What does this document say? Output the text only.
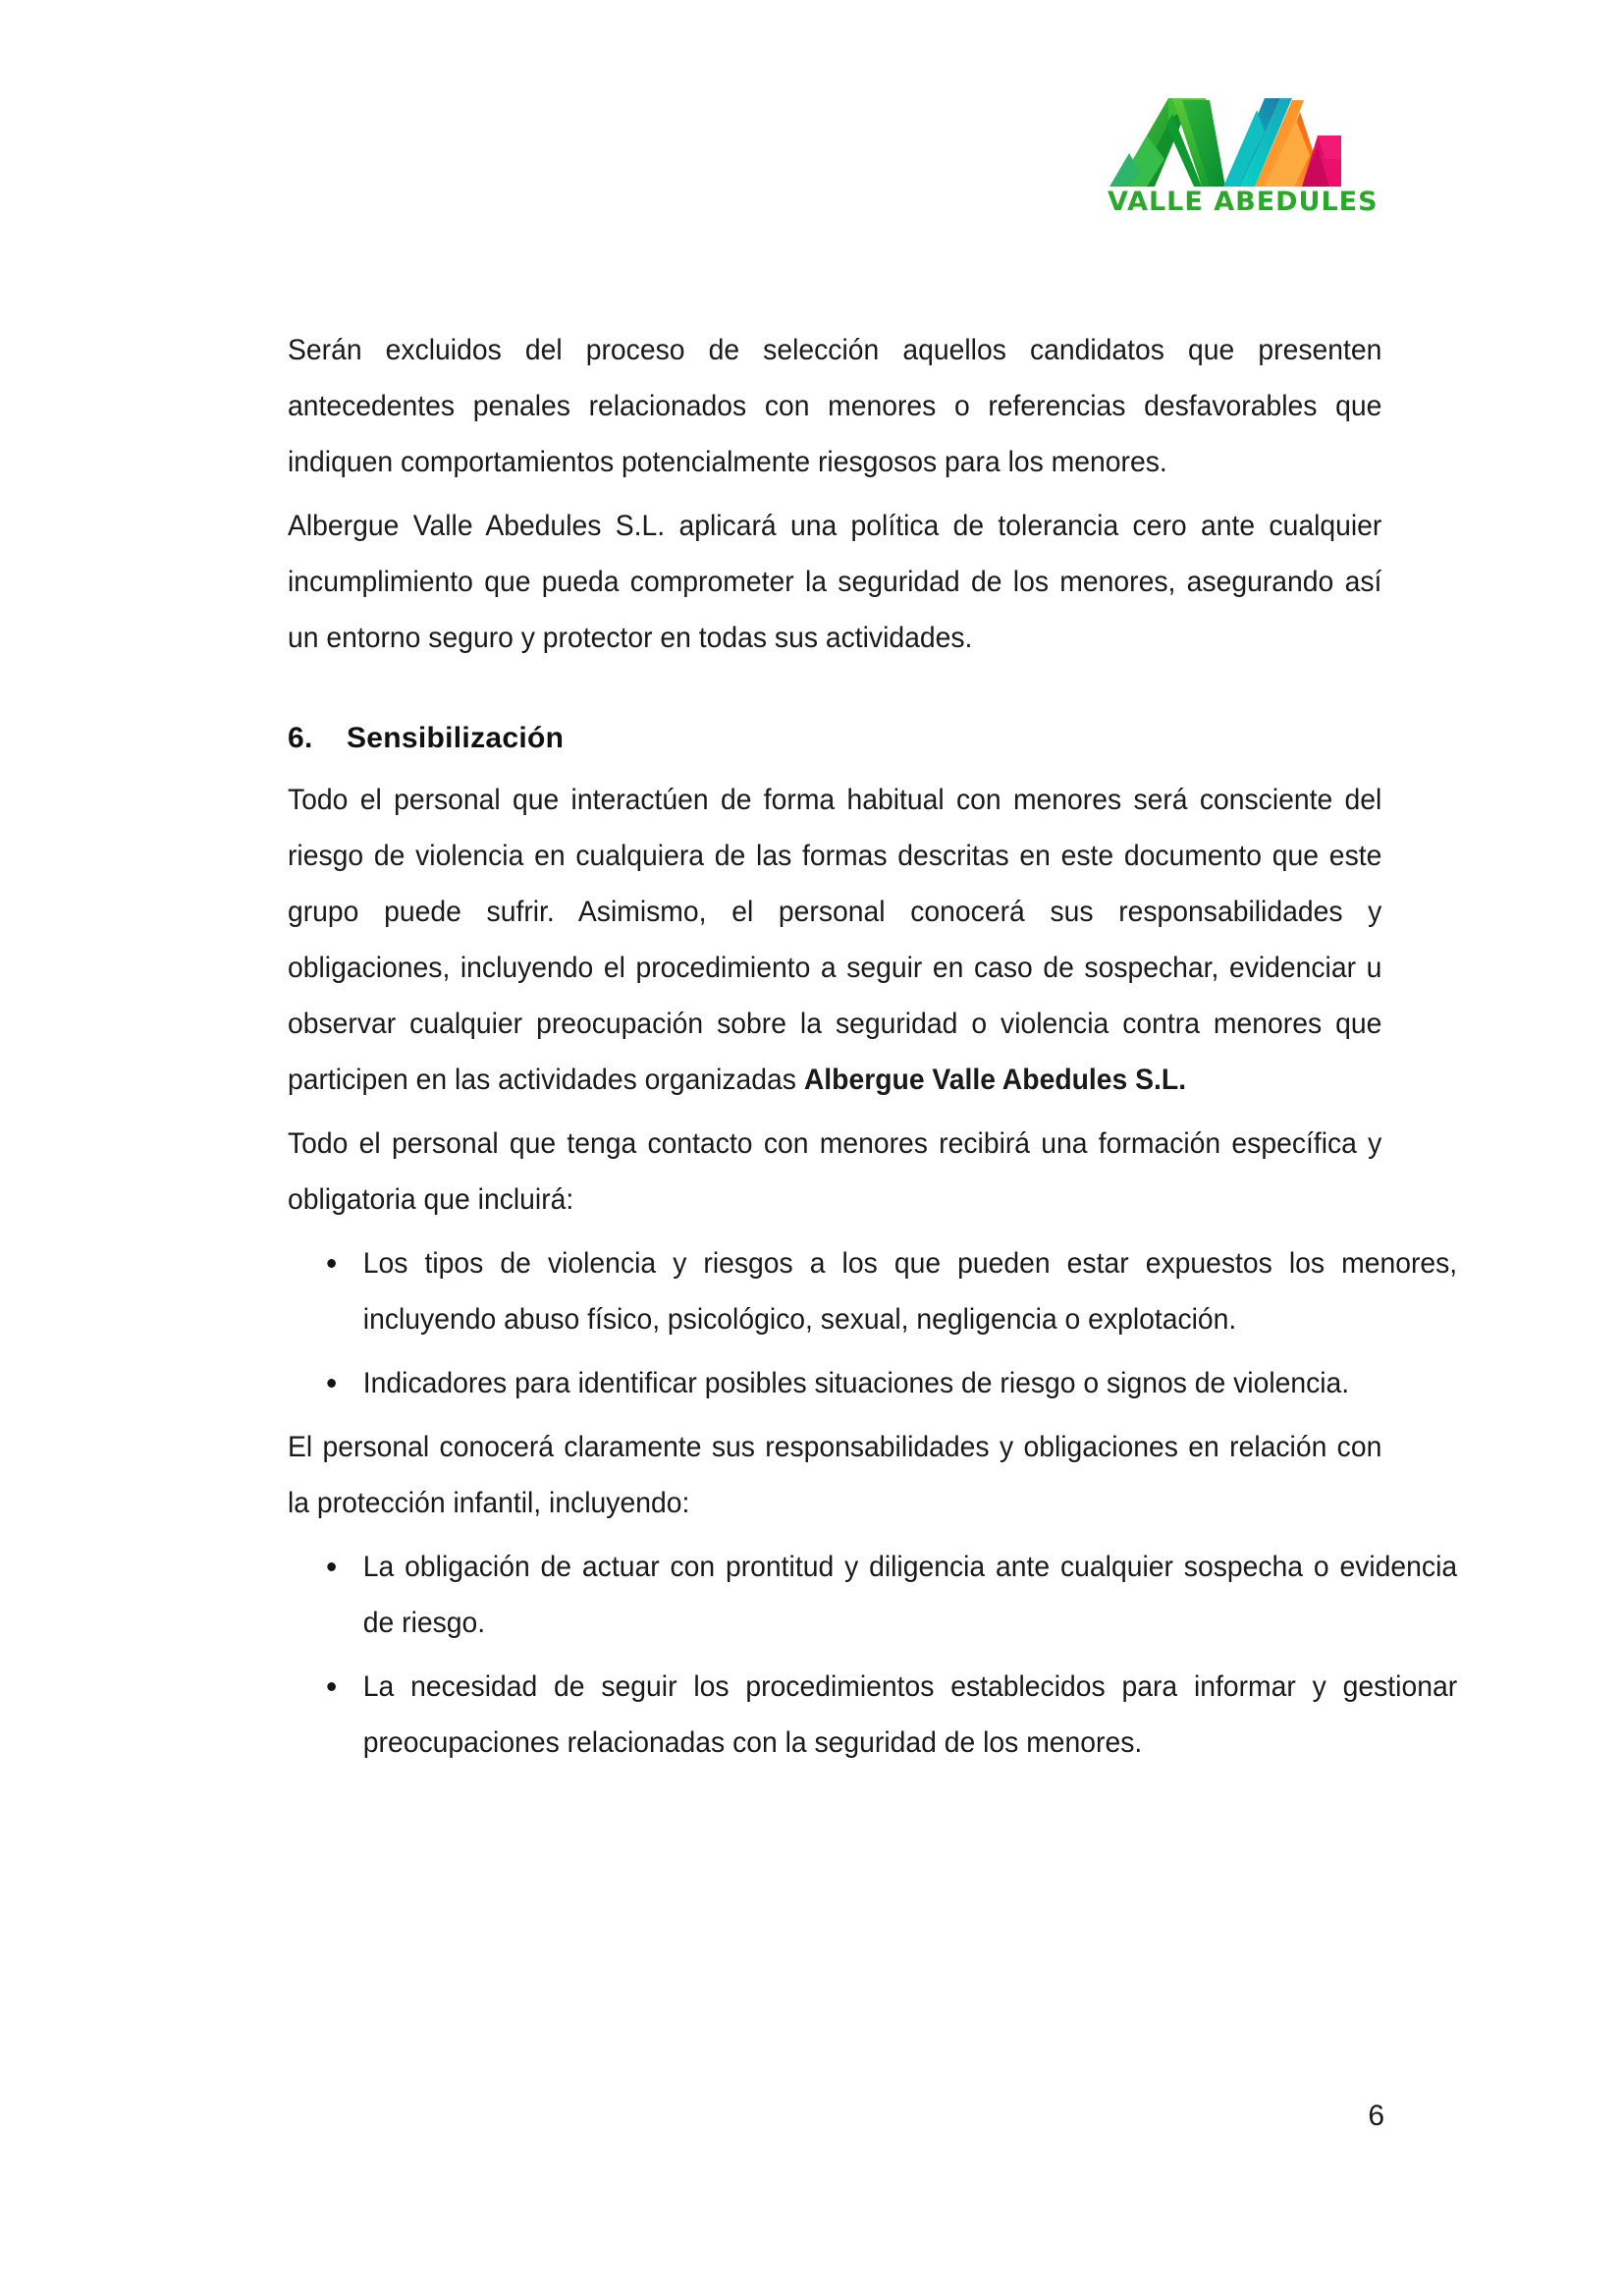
VALLE ABEDULES

Serán excluidos del proceso de selección aquellos candidatos que presenten antecedentes penales relacionados con menores o referencias desfavorables que indiquen comportamientos potencialmente riesgosos para los menores.

Albergue Valle Abedules S.L. aplicará una política de tolerancia cero ante cualquier incumplimiento que pueda comprometer la seguridad de los menores, asegurando así un entorno seguro y protector en todas sus actividades.

6. Sensibilización

Todo el personal que interactúen de forma habitual con menores será consciente del riesgo de violencia en cualquiera de las formas descritas en este documento que este grupo puede sufrir. Asimismo, el personal conocerá sus responsabilidades y obligaciones, incluyendo el procedimiento a seguir en caso de sospechar, evidenciar u observar cualquier preocupación sobre la seguridad o violencia contra menores que participen en las actividades organizadas Albergue Valle Abedules S.L.

Todo el personal que tenga contacto con menores recibirá una formación específica y obligatoria que incluirá:

Los tipos de violencia y riesgos a los que pueden estar expuestos los menores, incluyendo abuso físico, psicológico, sexual, negligencia o explotación.
Indicadores para identificar posibles situaciones de riesgo o signos de violencia.

El personal conocerá claramente sus responsabilidades y obligaciones en relación con la protección infantil, incluyendo:

La obligación de actuar con prontitud y diligencia ante cualquier sospecha o evidencia de riesgo.
La necesidad de seguir los procedimientos establecidos para informar y gestionar preocupaciones relacionadas con la seguridad de los menores.
6
